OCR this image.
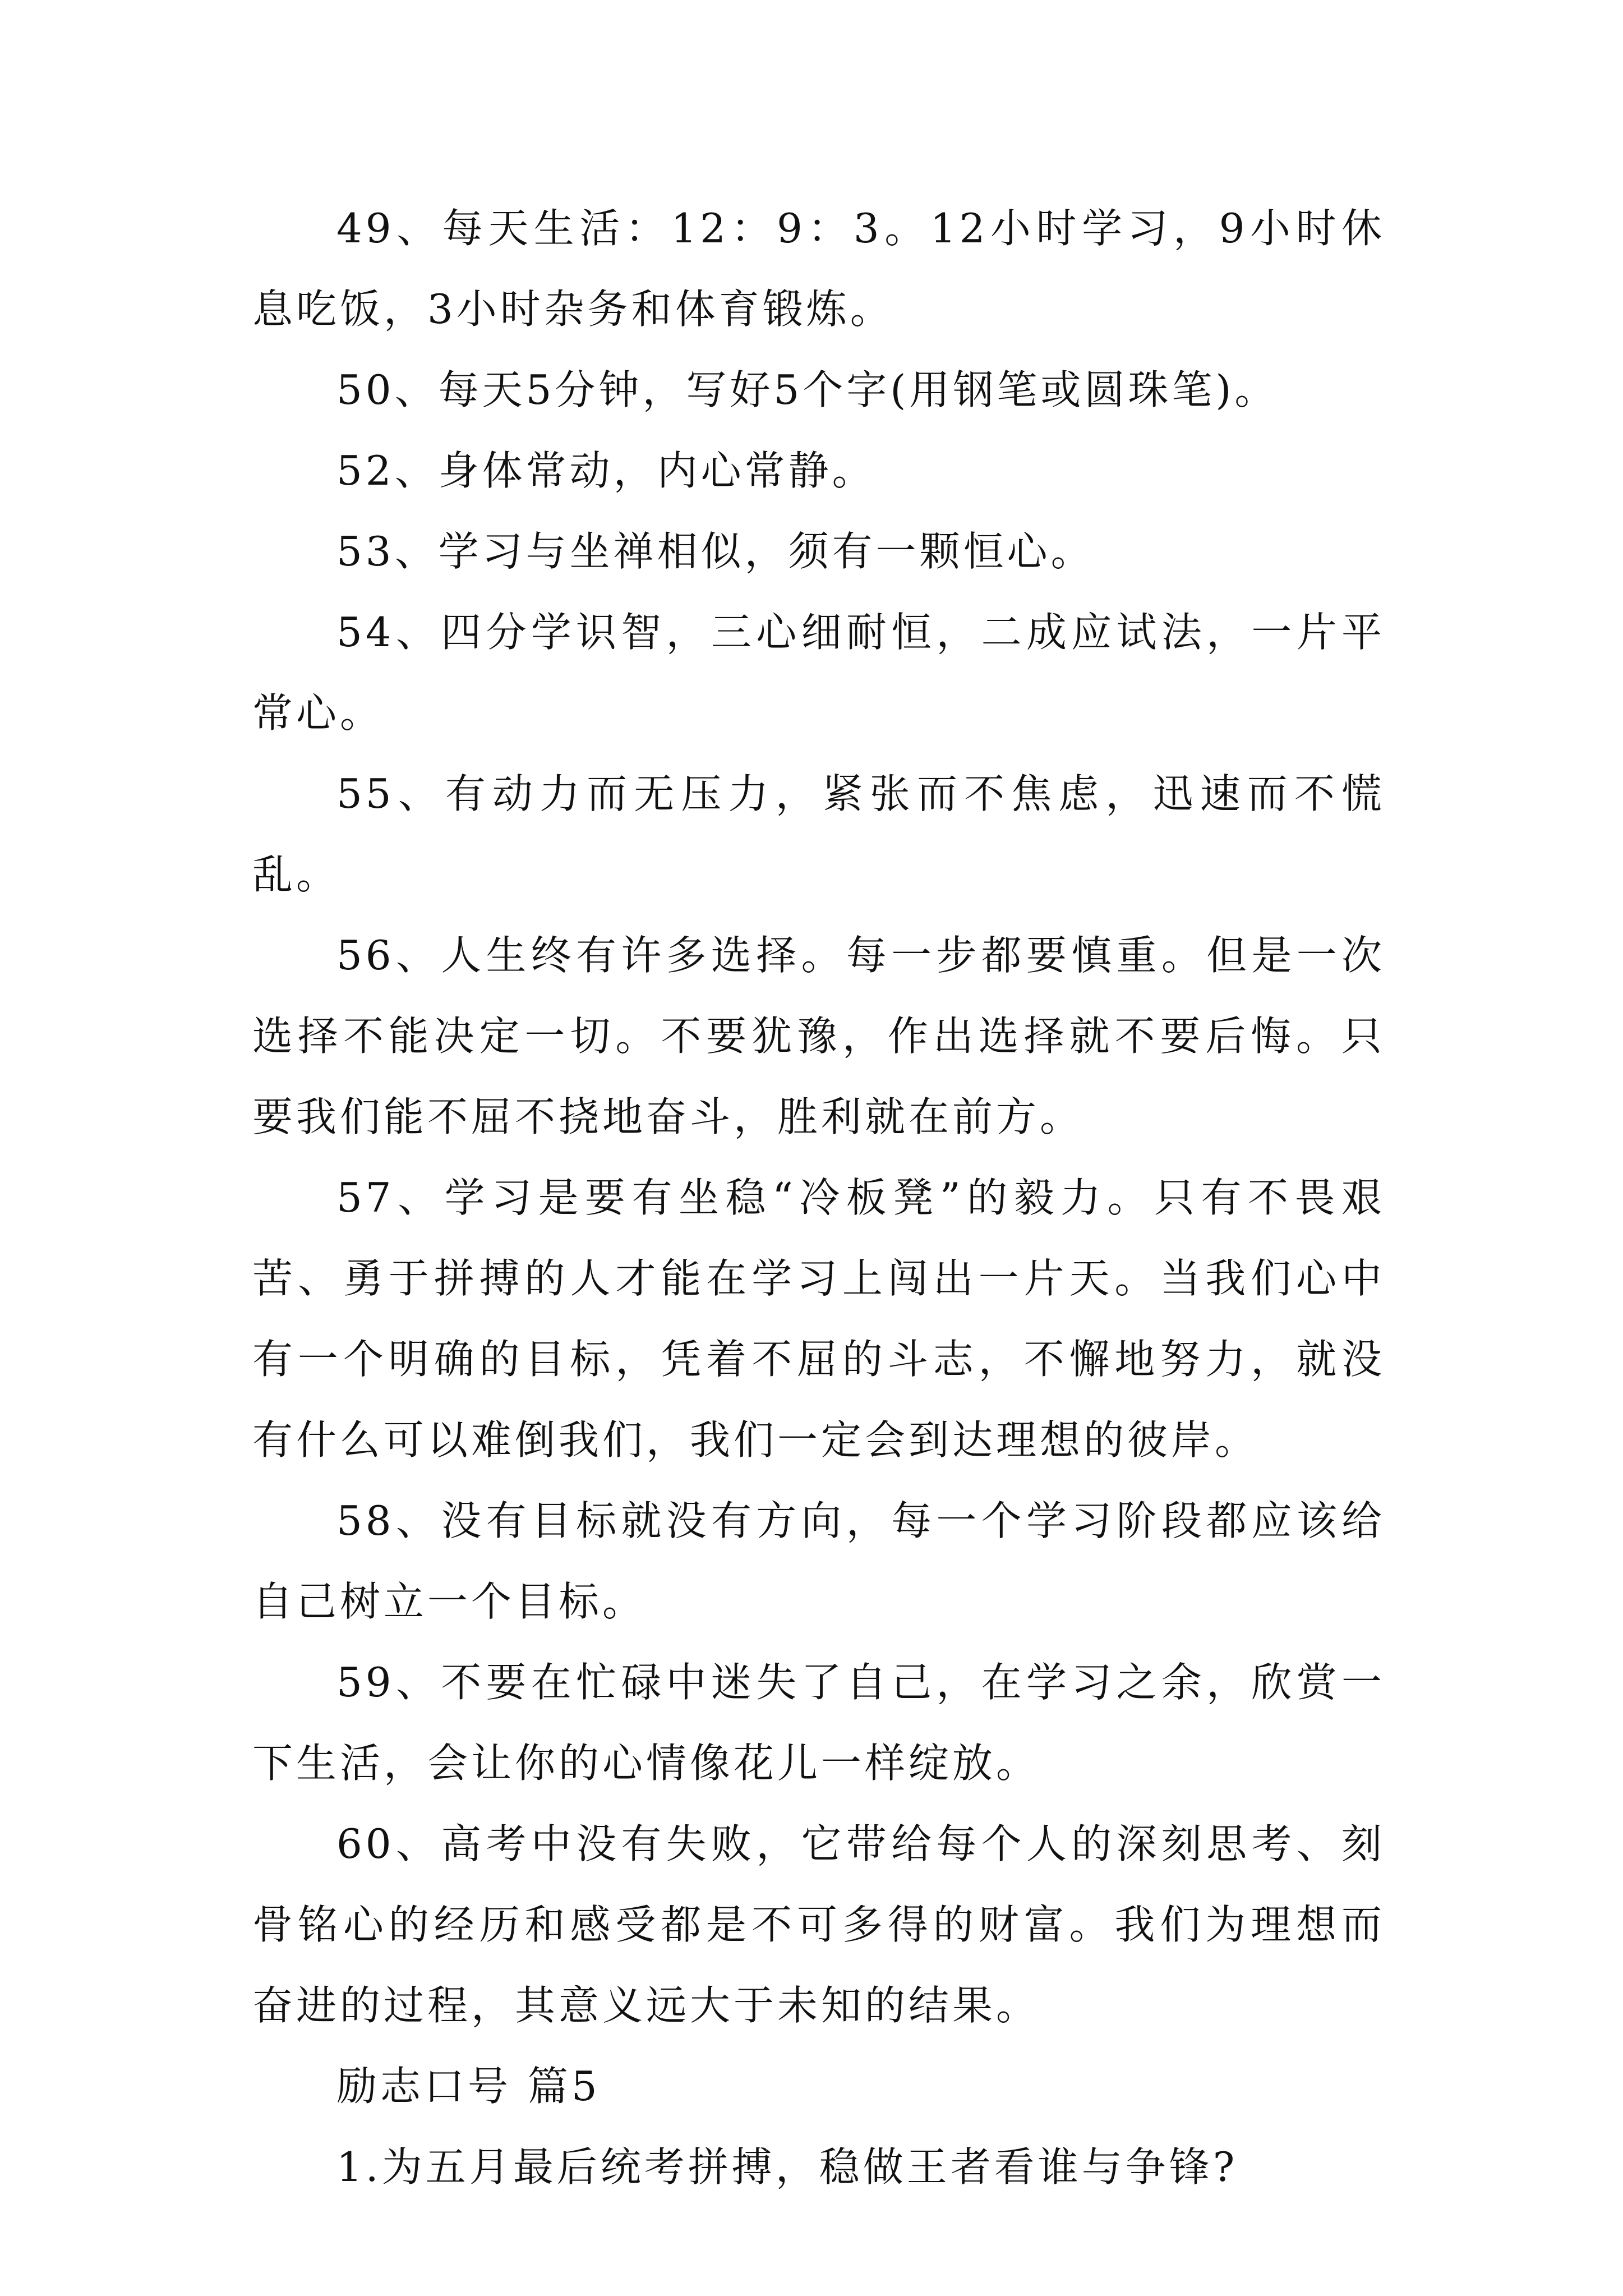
49、每天生活：12：9：3。12小时学习，9小时休息吃饭，3小时杂务和体育锻炼。

50、每天5分钟，写好5个字(用钢笔或圆珠笔)。

52、身体常动，内心常静。

53、学习与坐禅相似，须有一颗恒心。

54、四分学识智，三心细耐恒，二成应试法，一片平常心。

55、有动力而无压力，紧张而不焦虑，迅速而不慌乱。

56、人生终有许多选择。每一步都要慎重。但是一次选择不能决定一切。不要犹豫，作出选择就不要后悔。只要我们能不屈不挠地奋斗，胜利就在前方。

57、学习是要有坐稳“冷板凳”的毅力。只有不畏艰苦、勇于拼搏的人才能在学习上闯出一片天。当我们心中有一个明确的目标，凭着不屈的斗志，不懈地努力，就没有什么可以难倒我们，我们一定会到达理想的彼岸。

58、没有目标就没有方向，每一个学习阶段都应该给自己树立一个目标。

59、不要在忙碌中迷失了自己，在学习之余，欣赏一下生活，会让你的心情像花儿一样绽放。

60、高考中没有失败，它带给每个人的深刻思考、刻骨铭心的经历和感受都是不可多得的财富。我们为理想而奋进的过程，其意义远大于未知的结果。

励志口号 篇5

1.为五月最后统考拼搏，稳做王者看谁与争锋?
